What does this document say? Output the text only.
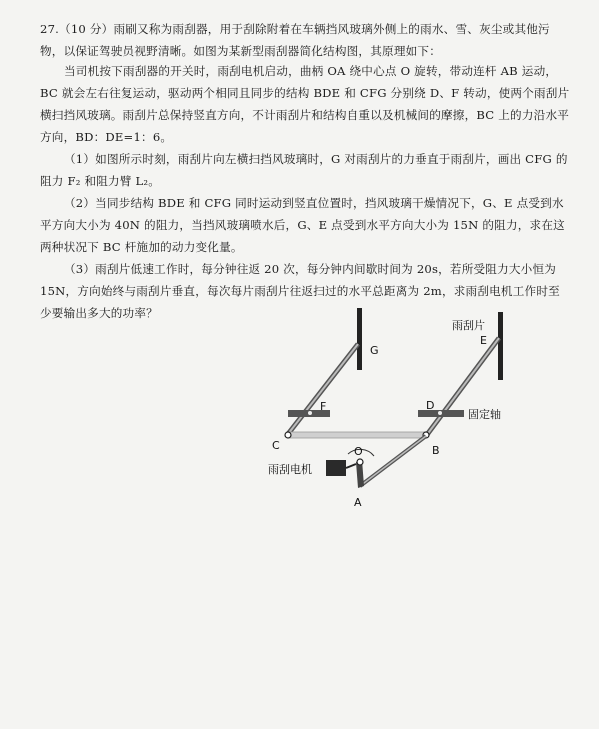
27.（10 分）雨刷又称为雨刮器，用于刮除附着在车辆挡风玻璃外侧上的雨水、雪、灰尘或其他污物，以保证驾驶员视野清晰。如图为某新型雨刮器简化结构图，其原理如下：

当司机按下雨刮器的开关时，雨刮电机启动，曲柄 OA 绕中心点 O 旋转，带动连杆 AB 运动，BC 就会左右往复运动，驱动两个相同且同步的结构 BDE 和 CFG 分别绕 D、F 转动，使两个雨刮片横扫挡风玻璃。雨刮片总保持竖直方向，不计雨刮片和结构自重以及机械间的摩擦，BC 上的力沿水平方向，BD：DE=1：6。

（1）如图所示时刻，雨刮片向左横扫挡风玻璃时，G 对雨刮片的力垂直于雨刮片，画出 CFG 的阻力 F₂ 和阻力臂 L₂。

（2）当同步结构 BDE 和 CFG 同时运动到竖直位置时，挡风玻璃干燥情况下，G、E 点受到水平方向大小为 40N 的阻力，当挡风玻璃喷水后，G、E 点受到水平方向大小为 15N 的阻力，求在这两种状况下 BC 杆施加的动力变化量。

（3）雨刮片低速工作时，每分钟往返 20 次，每分钟内间歇时间为 20s，若所受阻力大小恒为 15N，方向始终与雨刮片垂直，每次每片雨刮片往返扫过的水平总距离为 2m，求雨刮电机工作时至少要输出多大的功率？

雨刮片
G
E
F	D
固定轴
C	B
O
A
雨刮电机
